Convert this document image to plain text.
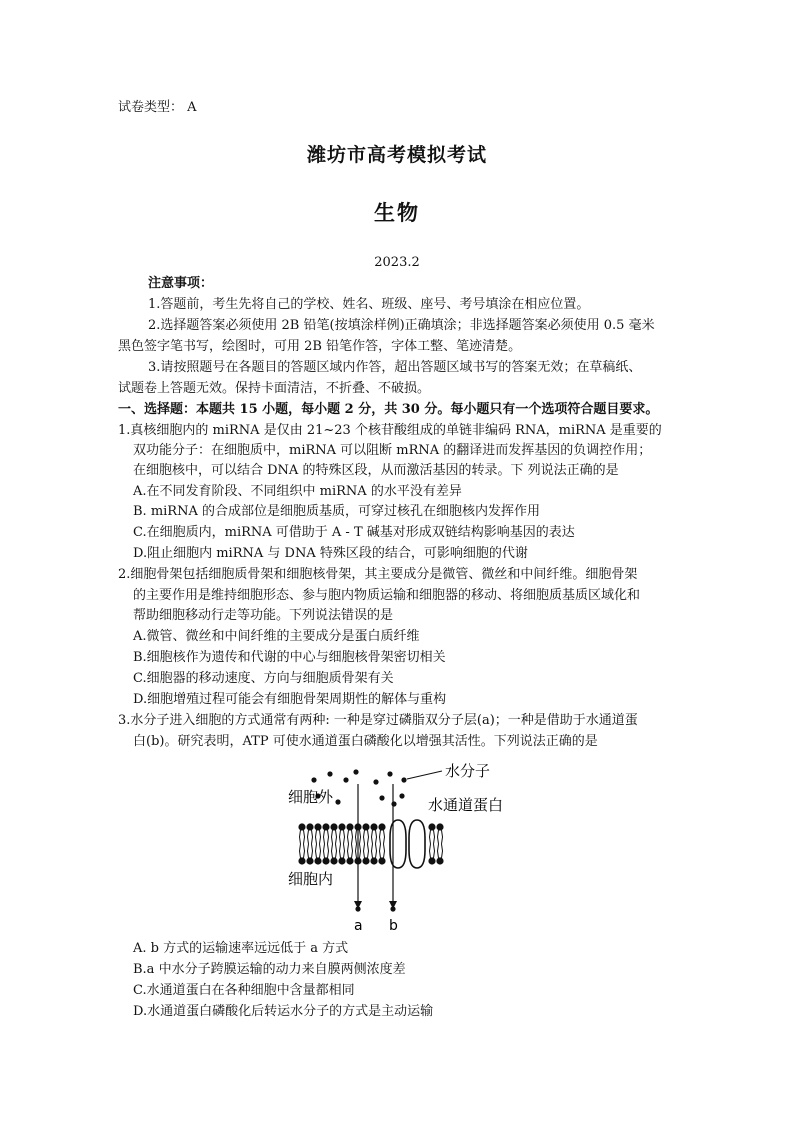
试卷类型： A
潍坊市高考模拟考试
生物
2023.2
注意事项：
1.答题前，考生先将自己的学校、姓名、班级、座号、考号填涂在相应位置。
2.选择题答案必须使用 2B 铅笔(按填涂样例)正确填涂；非选择题答案必须使用 0.5 毫米
黑色签字笔书写，绘图时，可用 2B 铅笔作答，字体工整、笔迹清楚。
3.请按照题号在各题目的答题区域内作答，超出答题区域书写的答案无效；在草稿纸、
试题卷上答题无效。保持卡面清洁，不折叠、不破损。
一、选择题：本题共 15 小题，每小题 2 分，共 30 分。每小题只有一个选项符合题目要求。
1.真核细胞内的 miRNA 是仅由 21~23 个核苷酸组成的单链非编码 RNA，miRNA 是重要的
双功能分子：在细胞质中，miRNA 可以阻断 mRNA 的翻译进而发挥基因的负调控作用；
在细胞核中，可以结合 DNA 的特殊区段，从而激活基因的转录。下 列说法正确的是
A.在不同发育阶段、不同组织中 miRNA 的水平没有差异
B. miRNA 的合成部位是细胞质基质，可穿过核孔在细胞核内发挥作用
C.在细胞质内，miRNA 可借助于 A - T 碱基对形成双链结构影响基因的表达
D.阻止细胞内 miRNA 与 DNA 特殊区段的结合，可影响细胞的代谢
2.细胞骨架包括细胞质骨架和细胞核骨架，其主要成分是微管、微丝和中间纤维。细胞骨架
的主要作用是维持细胞形态、参与胞内物质运输和细胞器的移动、将细胞质基质区域化和
帮助细胞移动行走等功能。下列说法错误的是
A.微管、微丝和中间纤维的主要成分是蛋白质纤维
B.细胞核作为遗传和代谢的中心与细胞核骨架密切相关
C.细胞器的移动速度、方向与细胞质骨架有关
D.细胞增殖过程可能会有细胞骨架周期性的解体与重构
3.水分子进入细胞的方式通常有两种: 一种是穿过磷脂双分子层(a)；一种是借助于水通道蛋
白(b)。研究表明，ATP 可使水通道蛋白磷酸化以增强其活性。下列说法正确的是
水分子
细胞外	水通道蛋白
细胞内
a b
A. b 方式的运输速率远远低于 a 方式
B.a 中水分子跨膜运输的动力来自膜两侧浓度差
C.水通道蛋白在各种细胞中含量都相同
D.水通道蛋白磷酸化后转运水分子的方式是主动运输
